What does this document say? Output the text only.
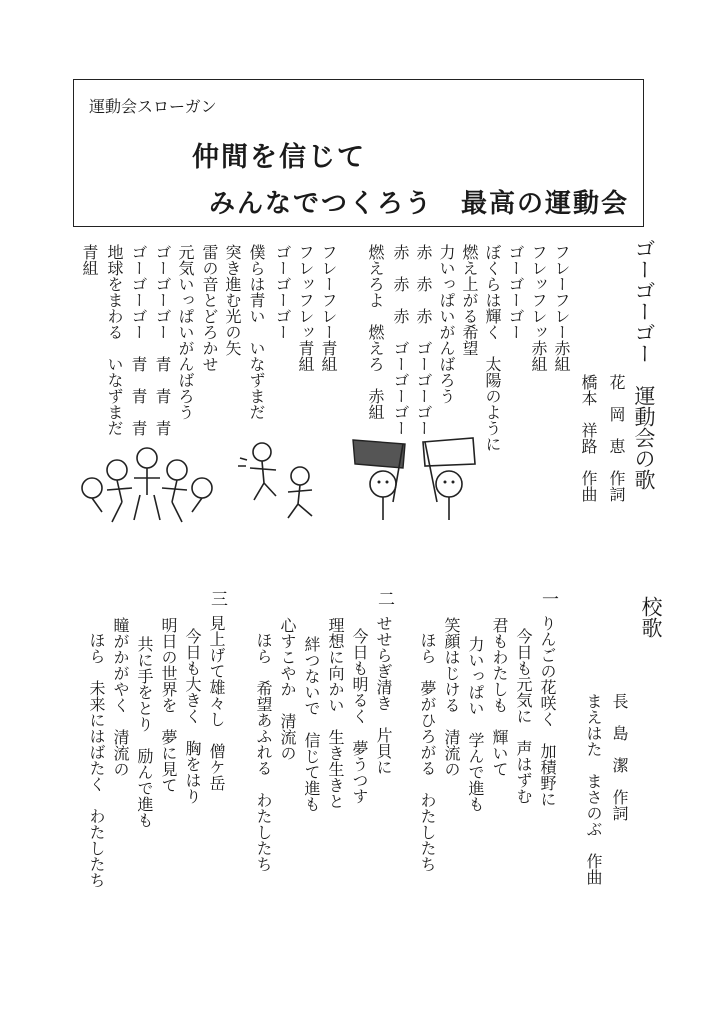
運動会スローガン
仲間を信じて
みんなでつくろう　最高の運動会
ゴーゴーゴー　運動会の歌
花　岡　恵　作詞
橋本　祥路　作曲
フレーフレー赤組
フレッフレッ赤組
ゴーゴーゴー
ぼくらは輝く　太陽のように
燃え上がる希望
力いっぱいがんばろう
赤　赤　赤　ゴーゴーゴー
赤　赤　赤　ゴーゴーゴー
燃えろよ　燃えろ　赤組
フレーフレー青組
フレッフレッ青組
ゴーゴーゴー
僕らは青い　いなずまだ
突き進む光の矢
雷の音とどろかせ
元気いっぱいがんばろう
ゴーゴーゴー　青　青　青
ゴーゴーゴー　青　青　青
地球をまわる　いなずまだ
青組
校歌
長　島　潔　作詞
まえはた　まさのぶ　作曲
一
りんごの花咲く　加積野に
今日も元気に　声はずむ
君もわたしも　輝いて
力いっぱい　学んで進も
笑顔はじける　清流の
ほら　夢がひろがる　わたしたち
二
せせらぎ清き　片貝に
今日も明るく　夢うつす
理想に向かい　生き生きと
絆つないで　信じて進も
心すこやか　清流の
ほら　希望あふれる　わたしたち
三
見上げて雄々し　僧ケ岳
今日も大きく　胸をはり
明日の世界を　夢に見て
共に手をとり　励んで進も
瞳がかがやく　清流の
ほら　未来にはばたく　わたしたち
